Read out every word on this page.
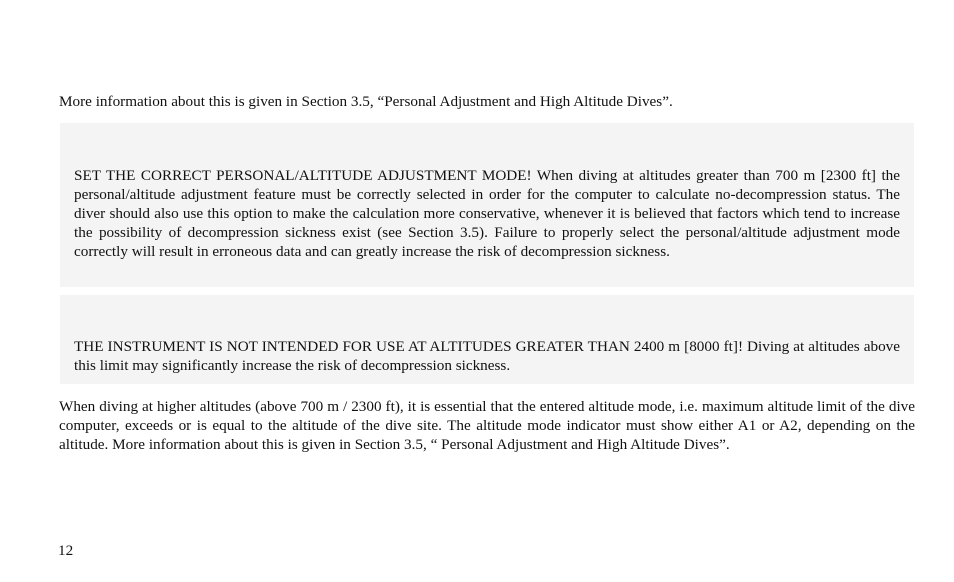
More information about this is given in Section 3.5, “Personal Adjustment and High Altitude Dives”.

SET THE CORRECT PERSONAL/ALTITUDE ADJUSTMENT MODE! When diving at altitudes greater than 700 m [2300 ft] the personal/altitude adjustment feature must be correctly selected in order for the computer to calculate no-decompression status. The diver should also use this option to make the calculation more conservative, whenever it is believed that factors which tend to increase the possibility of decompression sickness exist (see Section 3.5). Failure to properly select the personal/altitude adjustment mode correctly will result in erroneous data and can greatly increase the risk of decompression sickness.

THE INSTRUMENT IS NOT INTENDED FOR USE AT ALTITUDES GREATER THAN 2400 m [8000 ft]! Diving at altitudes above this limit may significantly increase the risk of decompression sickness.

When diving at higher altitudes (above 700 m / 2300 ft), it is essential that the entered altitude mode, i.e. maximum altitude limit of the dive computer, exceeds or is equal to the altitude of the dive site. The altitude mode indicator must show either A1 or A2, depending on the altitude. More information about this is given in Section 3.5, “ Personal Adjustment and High Altitude Dives”.

12
